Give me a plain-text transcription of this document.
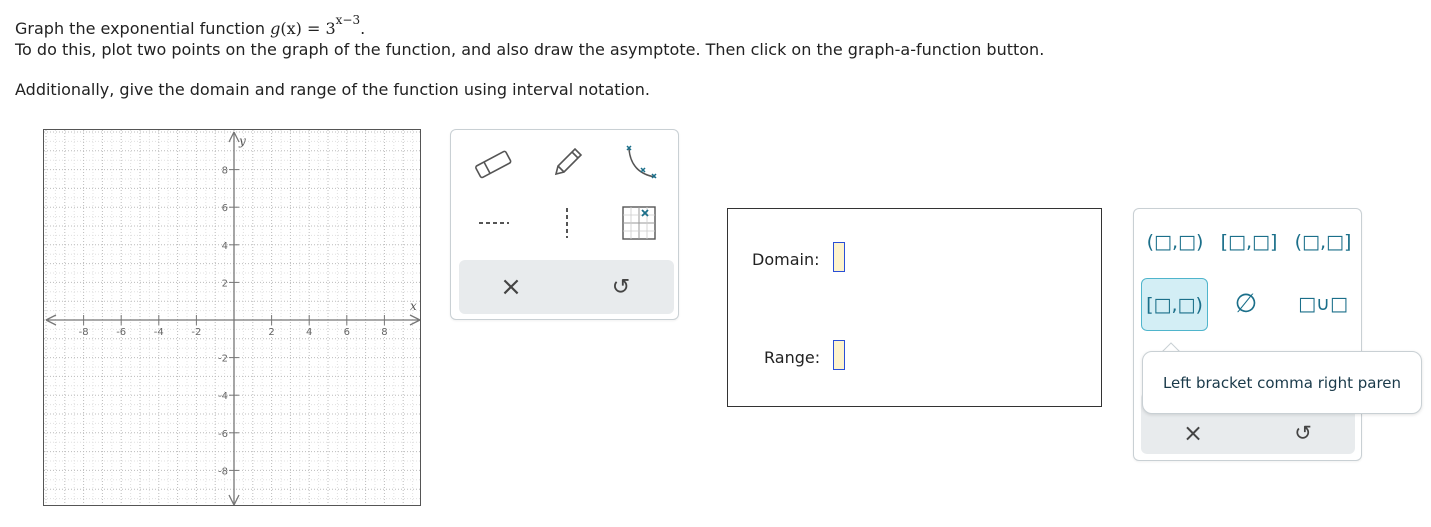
Graph the exponential function $g(x) = 3^{x-3}$.
To do this, plot two points on the graph of the function, and also draw the asymptote. Then click on the graph-a-function button.
Additionally, give the domain and range of the function using interval notation.
-8	-6	-4	-2	2	4	6	8
8
6
4
2
-2
-4
-6
-8
x
y
×	↺
Domain:
Range:
(□,□) [□,□] (□,□]
[□,□) ∅ □∪□
×	↺
Left bracket comma right paren
